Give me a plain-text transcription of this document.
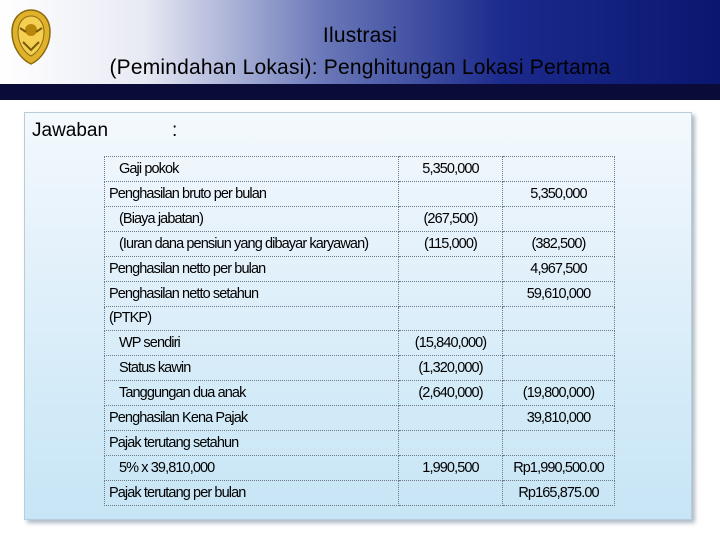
Ilustrasi
(Pemindahan Lokasi): Penghitungan Lokasi Pertama
Jawaban	:
Gaji pokok	5,350,000	
Penghasilan bruto per bulan		5,350,000
(Biaya jabatan)	(267,500)	
(Iuran dana pensiun yang dibayar karyawan)	(115,000)	(382,500)
Penghasilan netto per bulan		4,967,500
Penghasilan netto setahun		59,610,000
(PTKP)		
WP sendiri	(15,840,000)	
Status kawin	(1,320,000)	
Tanggungan dua anak	(2,640,000)	(19,800,000)
Penghasilan Kena Pajak		39,810,000
Pajak terutang setahun		
5% x 39,810,000	1,990,500	Rp1,990,500.00
Pajak terutang per bulan		Rp165,875.00
